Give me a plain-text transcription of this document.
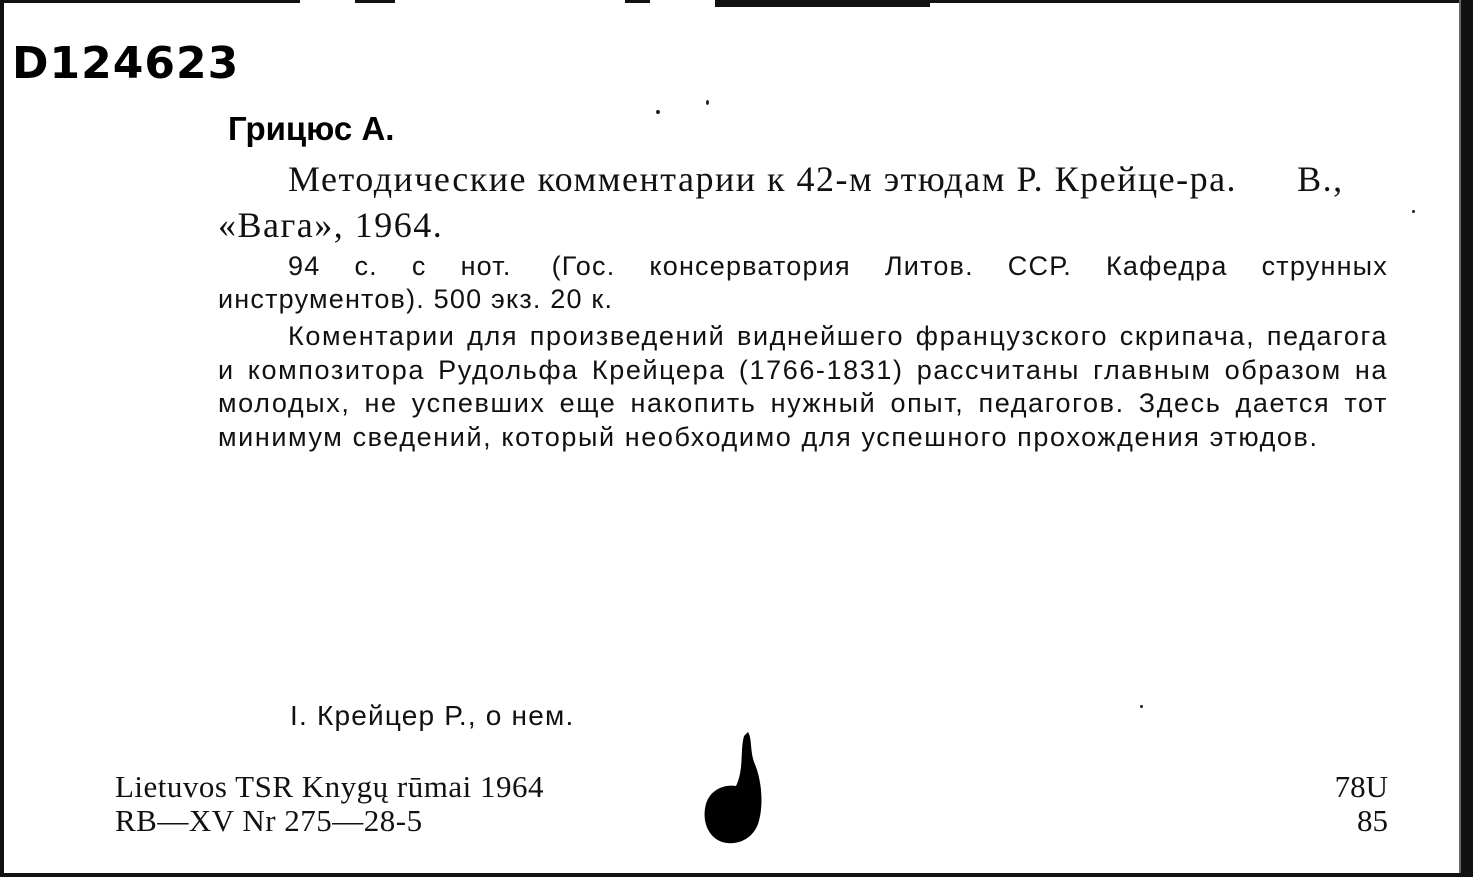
D124623
Грицюс А.

Методические комментарии к 42-м этюдам Р. Крейце-ра. В., «Вага», 1964.

94 с. с нот. (Гос. консерватория Литов. ССР. Кафедра струнных инструментов). 500 экз. 20 к.

Коментарии для произведений виднейшего французского скрипача, педагога и композитора Рудольфа Крейцера (1766-1831) рассчитаны главным образом на молодых, не успевших еще накопить нужный опыт, педагогов. Здесь дается тот минимум сведений, который необходимо для успешного прохождения этюдов.

I. Крейцер Р., о нем.
Lietuvos TSR Knygų rūmai 1964
RB—XV Nr 275—28-5
78U
85
